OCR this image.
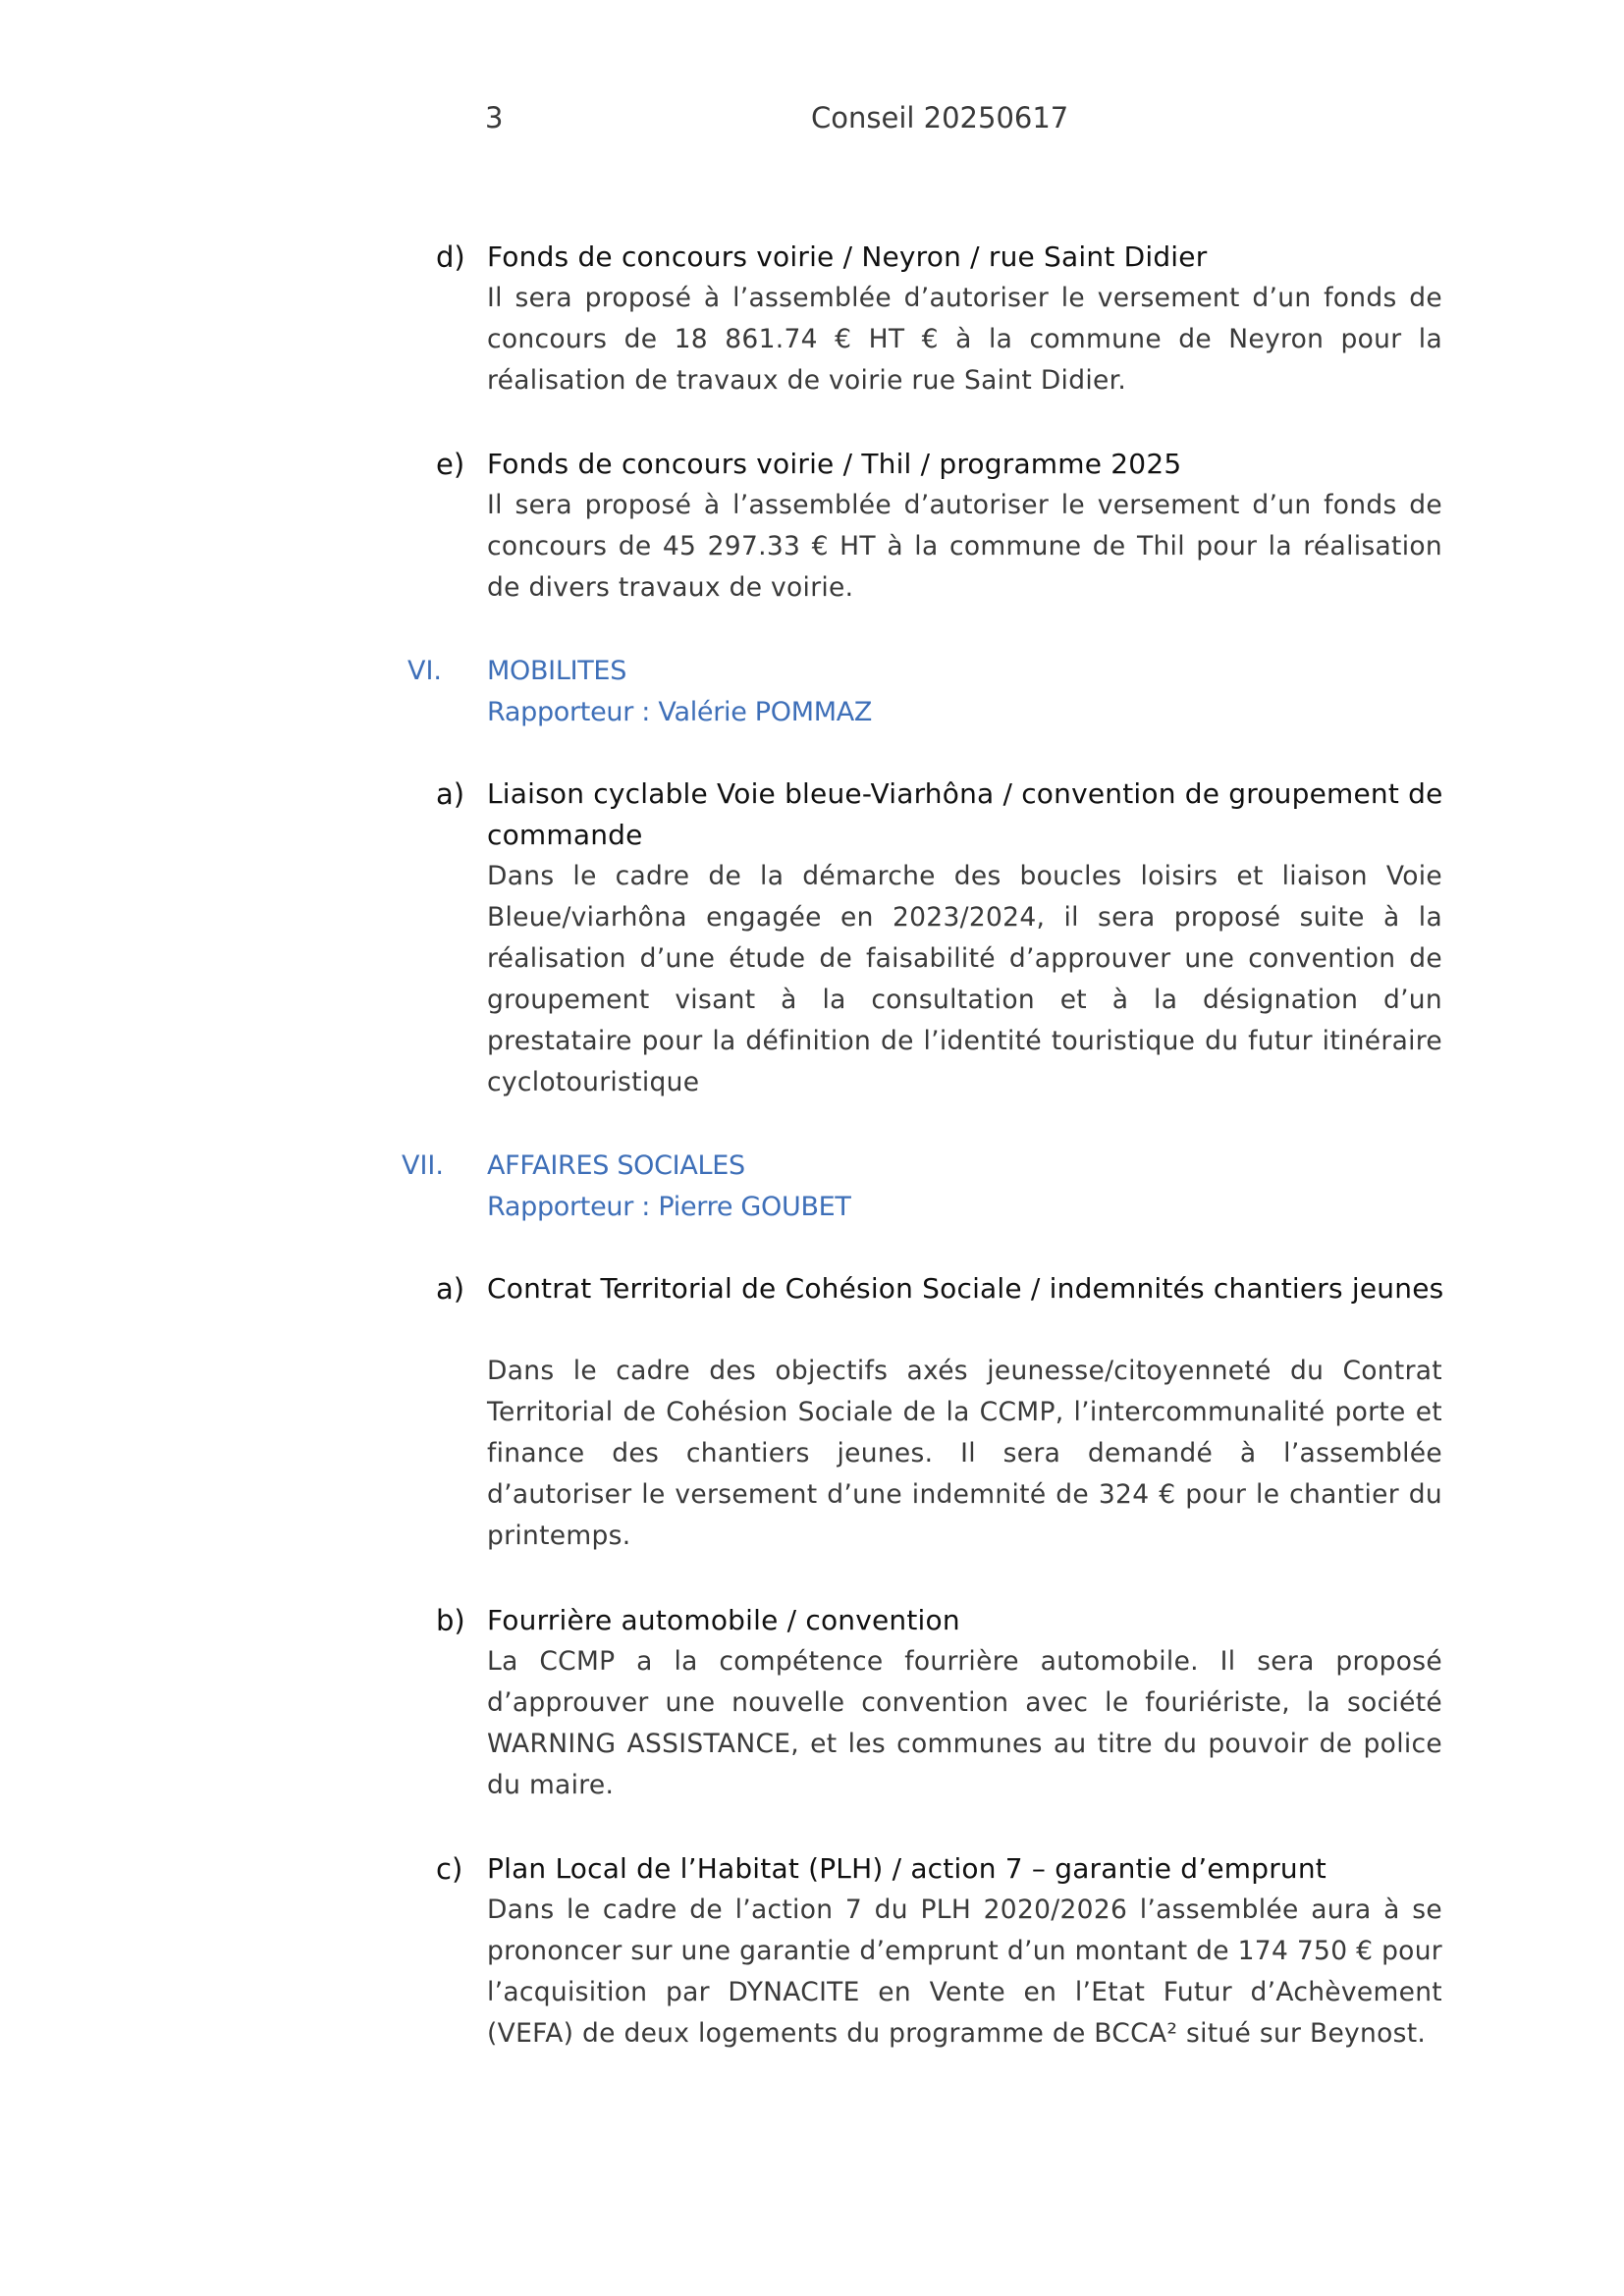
3	Conseil 20250617
d) Fonds de concours voirie / Neyron / rue Saint Didier
Il sera proposé à l’assemblée d’autoriser le versement d’un fonds de concours de 18 861.74 € HT € à la commune de Neyron pour la réalisation de travaux de voirie rue Saint Didier.
e) Fonds de concours voirie / Thil / programme 2025
Il sera proposé à l’assemblée d’autoriser le versement d’un fonds de concours de 45 297.33 € HT à la commune de Thil pour la réalisation de divers travaux de voirie.
VI. MOBILITES
Rapporteur : Valérie POMMAZ
a) Liaison cyclable Voie bleue-Viarhôna / convention de groupement de commande
Dans le cadre de la démarche des boucles loisirs et liaison Voie Bleue/viarhôna engagée en 2023/2024, il sera proposé suite à la réalisation d’une étude de faisabilité d’approuver une convention de groupement visant à la consultation et à la désignation d’un prestataire pour la définition de l’identité touristique du futur itinéraire cyclotouristique
VII. AFFAIRES SOCIALES
Rapporteur : Pierre GOUBET
a) Contrat Territorial de Cohésion Sociale / indemnités chantiers jeunes
Dans le cadre des objectifs axés jeunesse/citoyenneté du Contrat Territorial de Cohésion Sociale de la CCMP, l’intercommunalité porte et finance des chantiers jeunes. Il sera demandé à l’assemblée d’autoriser le versement d’une indemnité de 324 € pour le chantier du printemps.
b) Fourrière automobile / convention
La CCMP a la compétence fourrière automobile. Il sera proposé d’approuver une nouvelle convention avec le fouriériste, la société WARNING ASSISTANCE, et les communes au titre du pouvoir de police du maire.
c) Plan Local de l’Habitat (PLH) / action 7 – garantie d’emprunt
Dans le cadre de l’action 7 du PLH 2020/2026 l’assemblée aura à se prononcer sur une garantie d’emprunt d’un montant de 174 750 € pour l’acquisition par DYNACITE en Vente en l’Etat Futur d’Achèvement (VEFA) de deux logements du programme de BCCA² situé sur Beynost.
